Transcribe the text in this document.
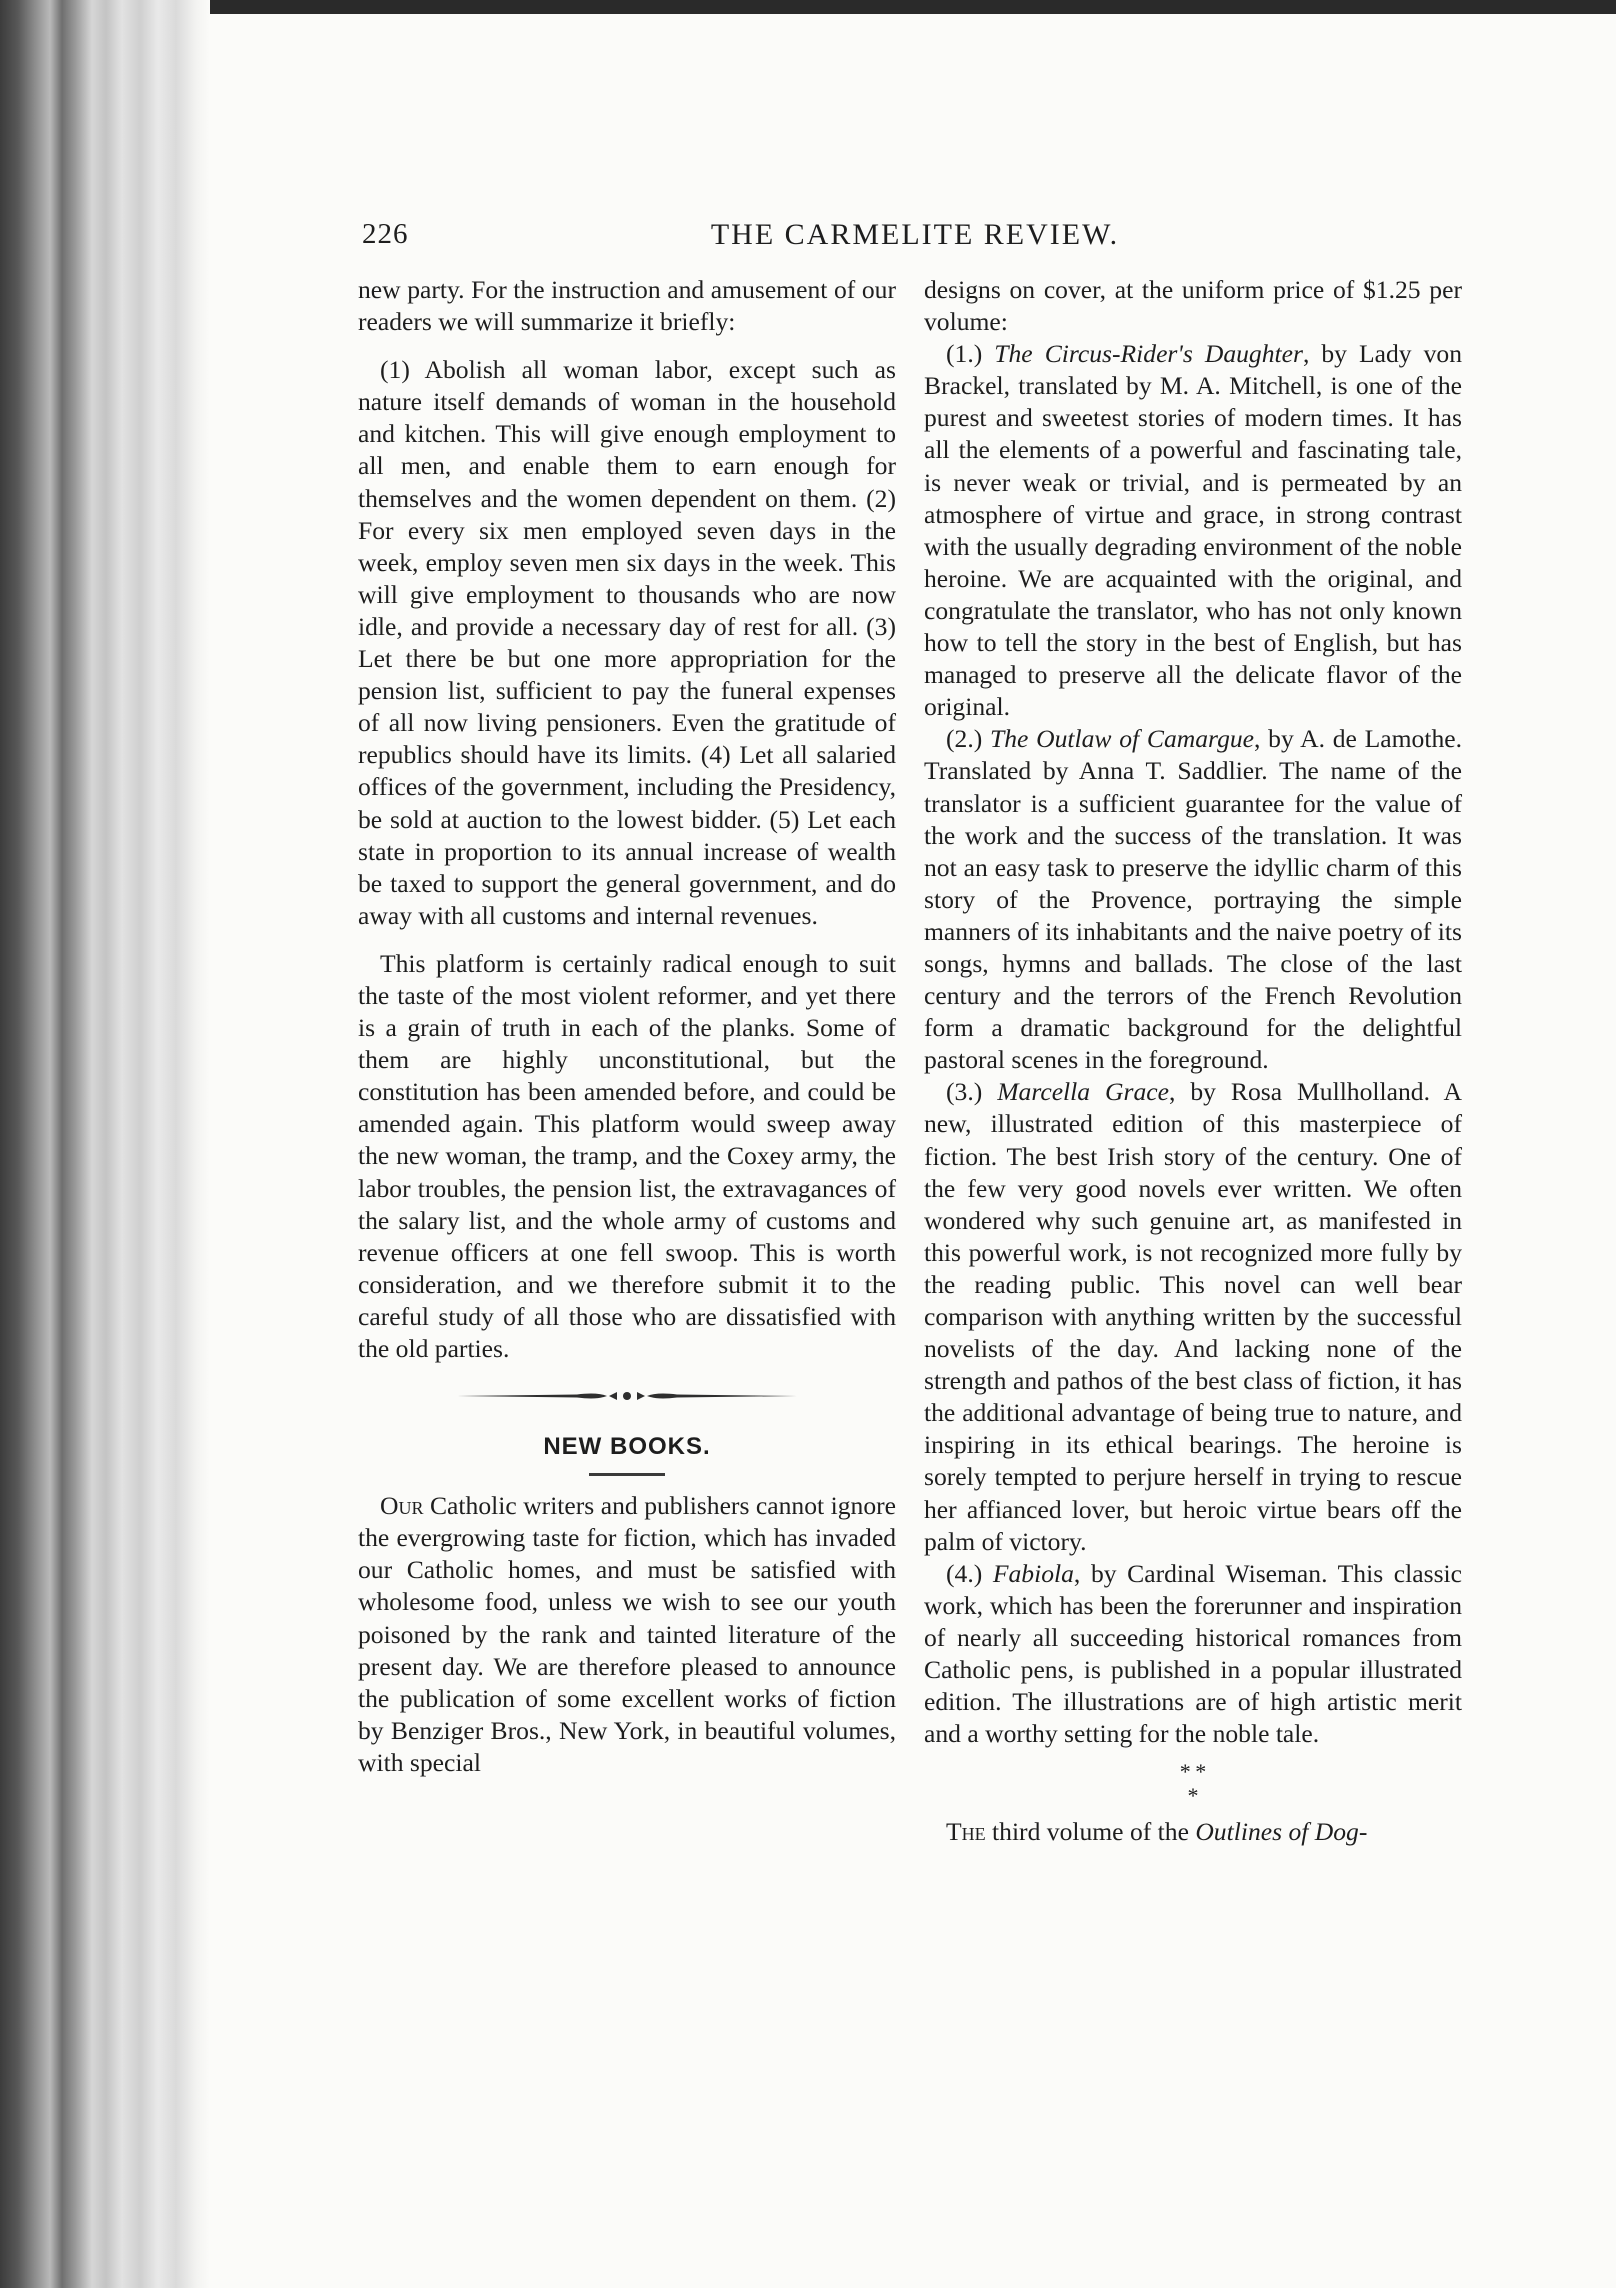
226	THE CARMELITE REVIEW.

new party. For the instruction and amusement of our readers we will summarize it briefly:

(1) Abolish all woman labor, except such as nature itself demands of woman in the household and kitchen. This will give enough employment to all men, and enable them to earn enough for themselves and the women dependent on them. (2) For every six men employed seven days in the week, employ seven men six days in the week. This will give employment to thousands who are now idle, and provide a necessary day of rest for all. (3) Let there be but one more appropriation for the pension list, sufficient to pay the funeral expenses of all now living pensioners. Even the gratitude of republics should have its limits. (4) Let all salaried offices of the government, including the Presidency, be sold at auction to the lowest bidder. (5) Let each state in proportion to its annual increase of wealth be taxed to support the general government, and do away with all customs and internal revenues.

This platform is certainly radical enough to suit the taste of the most violent reformer, and yet there is a grain of truth in each of the planks. Some of them are highly unconstitutional, but the constitution has been amended before, and could be amended again. This platform would sweep away the new woman, the tramp, and the Coxey army, the labor troubles, the pension list, the extravagances of the salary list, and the whole army of customs and revenue officers at one fell swoop. This is worth consideration, and we therefore submit it to the careful study of all those who are dissatisfied with the old parties.

NEW BOOKS.

Our Catholic writers and publishers cannot ignore the evergrowing taste for fiction, which has invaded our Catholic homes, and must be satisfied with wholesome food, unless we wish to see our youth poisoned by the rank and tainted literature of the present day. We are therefore pleased to announce the publication of some excellent works of fiction by Benziger Bros., New York, in beautiful volumes, with special

designs on cover, at the uniform price of $1.25 per volume:

(1.) The Circus-Rider's Daughter, by Lady von Brackel, translated by M. A. Mitchell, is one of the purest and sweetest stories of modern times. It has all the elements of a powerful and fascinating tale, is never weak or trivial, and is permeated by an atmosphere of virtue and grace, in strong contrast with the usually degrading environment of the noble heroine. We are acquainted with the original, and congratulate the translator, who has not only known how to tell the story in the best of English, but has managed to preserve all the delicate flavor of the original.

(2.) The Outlaw of Camargue, by A. de Lamothe. Translated by Anna T. Saddlier. The name of the translator is a sufficient guarantee for the value of the work and the success of the translation. It was not an easy task to preserve the idyllic charm of this story of the Provence, portraying the simple manners of its inhabitants and the naive poetry of its songs, hymns and ballads. The close of the last century and the terrors of the French Revolution form a dramatic background for the delightful pastoral scenes in the foreground.

(3.) Marcella Grace, by Rosa Mullholland. A new, illustrated edition of this masterpiece of fiction. The best Irish story of the century. One of the few very good novels ever written. We often wondered why such genuine art, as manifested in this powerful work, is not recognized more fully by the reading public. This novel can well bear comparison with anything written by the successful novelists of the day. And lacking none of the strength and pathos of the best class of fiction, it has the additional advantage of being true to nature, and inspiring in its ethical bearings. The heroine is sorely tempted to perjure herself in trying to rescue her affianced lover, but heroic virtue bears off the palm of victory.

(4.) Fabiola, by Cardinal Wiseman. This classic work, which has been the forerunner and inspiration of nearly all succeeding historical romances from Catholic pens, is published in a popular illustrated edition. The illustrations are of high artistic merit and a worthy setting for the noble tale.

* *
*

The third volume of the Outlines of Dog-
